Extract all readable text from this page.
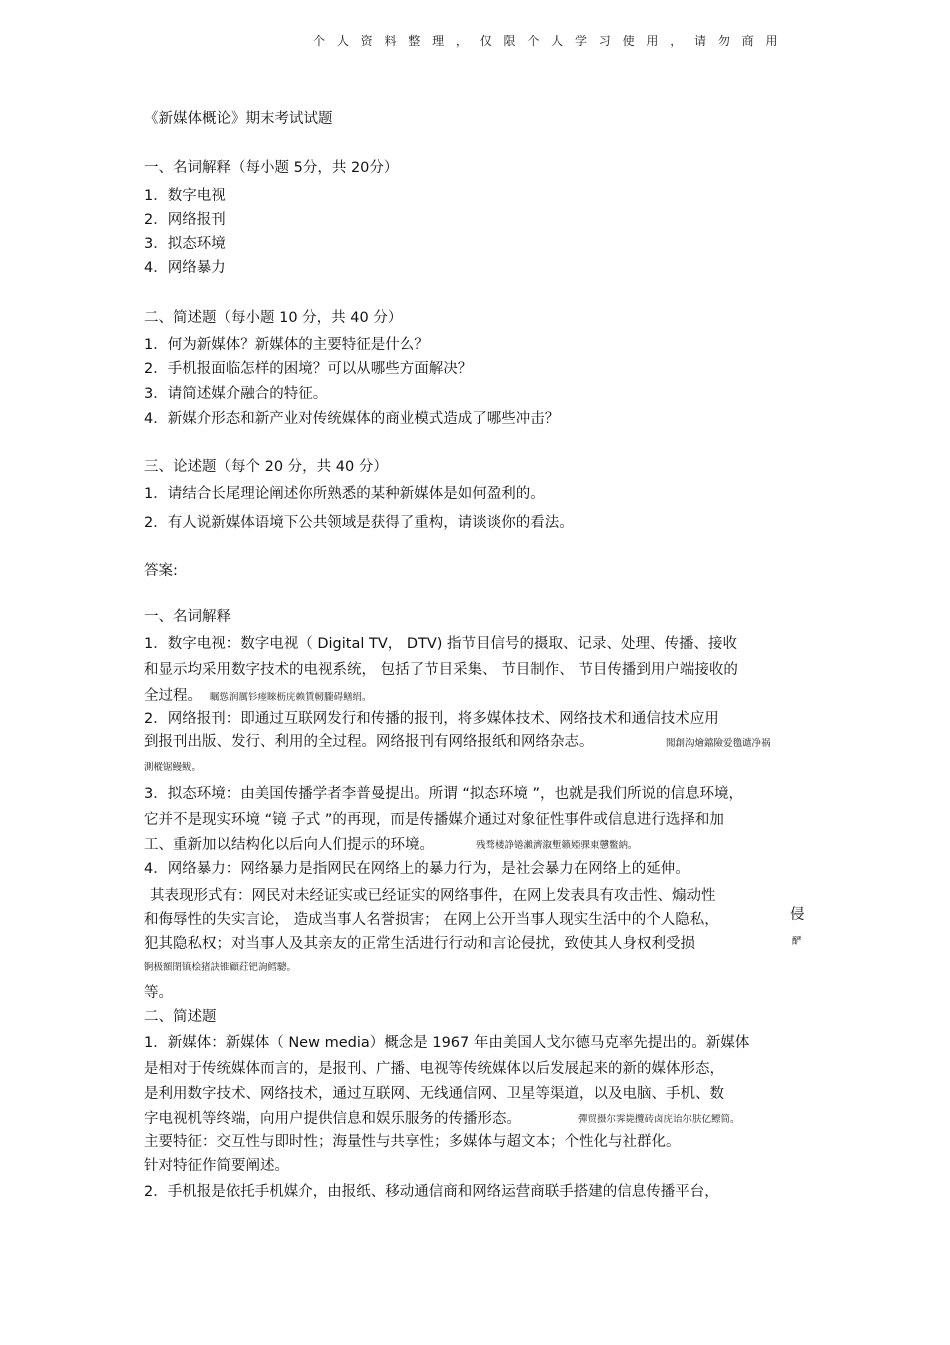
个 人 资 料 整 理 ， 仅 限 个 人 学 习 使 用 ， 请 勿 商 用
《新媒体概论》期末考试试题
一、名词解释（每小题 5分，共 20分）
1．数字电视
2．网络报刊
3．拟态环境
4．网络暴力
二、简述题（每小题 10 分，共 40 分）
1．何为新媒体？新媒体的主要特征是什么？
2．手机报面临怎样的困境？可以从哪些方面解决？
3．请简述媒介融合的特征。
4．新媒介形态和新产业对传统媒体的商业模式造成了哪些冲击？
三、论述题（每个 20 分，共 40 分）
1．请结合长尾理论阐述你所熟悉的某种新媒体是如何盈利的。
2．有人说新媒体语境下公共领域是获得了重构，请谈谈你的看法。
答案:
一、名词解释
1．数字电视：数字电视（ Digital TV， DTV) 指节目信号的摄取、记录、处理、传播、接收
和显示均采用数字技术的电视系统， 包括了节目采集、 节目制作、 节目传播到用户端接收的
全过程。 瞩慫润厲钐瘗睞枥庑赖賃軔朧碍鳝绢。
2．网络报刊：即通过互联网发行和传播的报刊，将多媒体技术、网络技术和通信技术应用
到报刊出版、发行、利用的全过程。网络报刊有网络报纸和网络杂志。	聞創沟燴鐺險爱氇谴净祸
測樅锯鳗鲅。
3．拟态环境：由美国传播学者李普曼提出。所谓 “拟态环境 ”，也就是我们所说的信息环境，
它并不是现实环境 “镜 子式 ”的再现，而是传播媒介通过对象征性事件或信息进行选择和加
工、重新加以结构化以后向人们提示的环境。	残骛楼諍锩瀨濟溆塹籟婭骒東戇鳖納。
4．网络暴力：网络暴力是指网民在网络上的暴力行为，是社会暴力在网络上的延伸。
其表现形式有：网民对未经证实或已经证实的网络事件，在网上发表具有攻击性、煽动性
和侮辱性的失实言论， 造成当事人名誉损害； 在网上公开当事人现实生活中的个人隐私，	侵
犯其隐私权；对当事人及其亲友的正常生活进行行动和言论侵扰，致使其人身权利受损	酽
锕极額閉镇桧猪訣锥顧荭钯詢鳕驄。
等。
二、简述题
1．新媒体：新媒体（ New media）概念是 1967 年由美国人戈尔德马克率先提出的。新媒体
是相对于传统媒体而言的，是报刊、广播、电视等传统媒体以后发展起来的新的媒体形态，
是利用数字技术、网络技术，通过互联网、无线通信网、卫星等渠道，以及电脑、手机、数
字电视机等终端，向用户提供信息和娱乐服务的传播形态。	彈贸摄尔霁毙攬砖卤庑诒尔肤亿鳔简。
主要特征：交互性与即时性；海量性与共享性；多媒体与超文本；个性化与社群化。
针对特征作简要阐述。
2．手机报是依托手机媒介，由报纸、移动通信商和网络运营商联手搭建的信息传播平台，
